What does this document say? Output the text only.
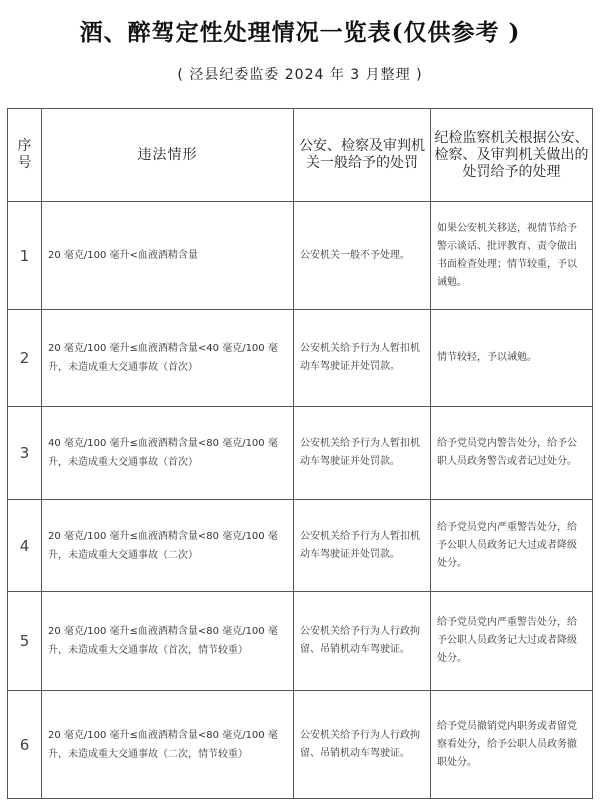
酒、醉驾定性处理情况一览表(仅供参考 )
( 泾县纪委监委 2024 年 3 月整理 )
序号	违法情形	公安、检察及审判机关一般给予的处罚	纪检监察机关根据公安、检察、及审判机关做出的处罚给予的处理
1	20 毫克/100 毫升<血液酒精含量	公安机关一般不予处理。	如果公安机关移送，视情节给予警示谈话、批评教育、责令做出书面检查处理；情节较重，予以诫勉。
2	20 毫克/100 毫升≤血液酒精含量<40 毫克/100 毫升，未造成重大交通事故（首次）	公安机关给予行为人暂扣机动车驾驶证并处罚款。	情节较轻，予以诫勉。
3	40 毫克/100 毫升≤血液酒精含量<80 毫克/100 毫升，未造成重大交通事故（首次）	公安机关给予行为人暂扣机动车驾驶证并处罚款。	给予党员党内警告处分，给予公职人员政务警告或者记过处分。
4	20 毫克/100 毫升≤血液酒精含量<80 毫克/100 毫升，未造成重大交通事故（二次）	公安机关给予行为人暂扣机动车驾驶证并处罚款。	给予党员党内严重警告处分，给予公职人员政务记大过或者降级处分。
5	20 毫克/100 毫升≤血液酒精含量<80 毫克/100 毫升，未造成重大交通事故（首次，情节较重）	公安机关给予行为人行政拘留、吊销机动车驾驶证。	给予党员党内严重警告处分，给予公职人员政务记大过或者降级处分。
6	20 毫克/100 毫升≤血液酒精含量<80 毫克/100 毫升，未造成重大交通事故（二次，情节较重）	公安机关给予行为人行政拘留、吊销机动车驾驶证。	给予党员撤销党内职务或者留党察看处分，给予公职人员政务撤职处分。
